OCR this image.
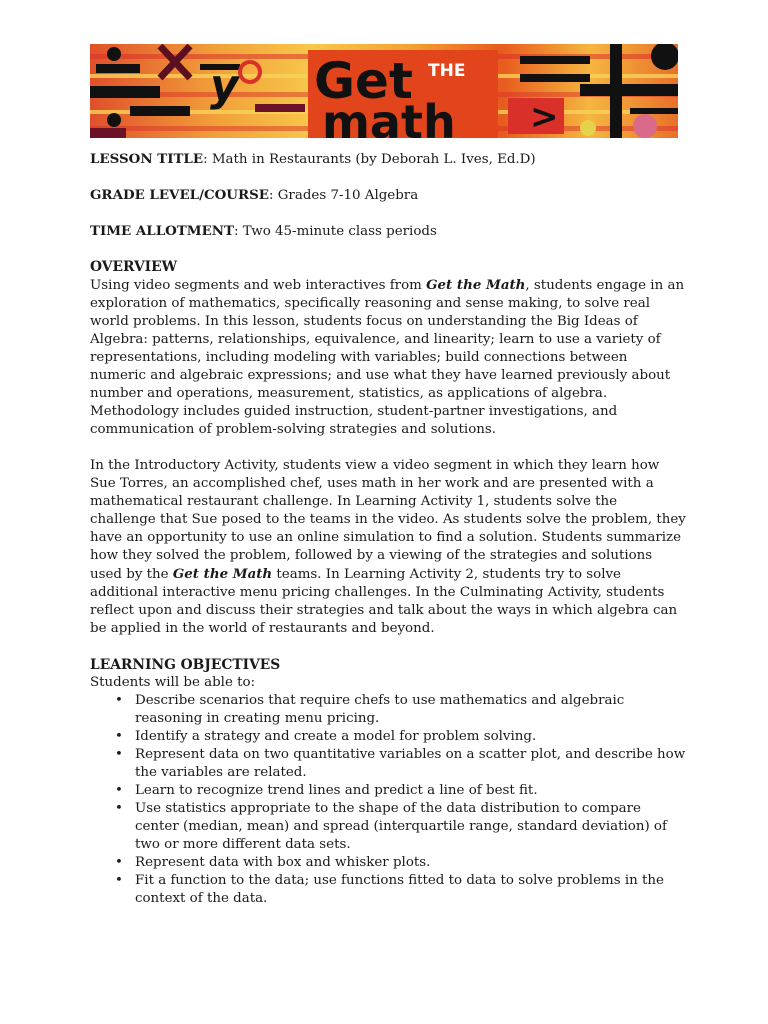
y Get THE
math >
LESSON TITLE: Math in Restaurants (by Deborah L. Ives, Ed.D)
GRADE LEVEL/COURSE: Grades 7-10 Algebra
TIME ALLOTMENT: Two 45-minute class periods

OVERVIEW

Using video segments and web interactives from Get the Math, students engage in an exploration of mathematics, specifically reasoning and sense making, to solve real world problems. In this lesson, students focus on understanding the Big Ideas of Algebra: patterns, relationships, equivalence, and linearity; learn to use a variety of representations, including modeling with variables; build connections between numeric and algebraic expressions; and use what they have learned previously about number and operations, measurement, statistics, as applications of algebra. Methodology includes guided instruction, student-partner investigations, and communication of problem-solving strategies and solutions.

In the Introductory Activity, students view a video segment in which they learn how Sue Torres, an accomplished chef, uses math in her work and are presented with a mathematical restaurant challenge. In Learning Activity 1, students solve the challenge that Sue posed to the teams in the video. As students solve the problem, they have an opportunity to use an online simulation to find a solution. Students summarize how they solved the problem, followed by a viewing of the strategies and solutions used by the Get the Math teams. In Learning Activity 2, students try to solve additional interactive menu pricing challenges. In the Culminating Activity, students reflect upon and discuss their strategies and talk about the ways in which algebra can be applied in the world of restaurants and beyond.

LEARNING OBJECTIVES

Students will be able to:

• Describe scenarios that require chefs to use mathematics and algebraic reasoning in creating menu pricing.
• Identify a strategy and create a model for problem solving.
• Represent data on two quantitative variables on a scatter plot, and describe how the variables are related.
• Learn to recognize trend lines and predict a line of best fit.
• Use statistics appropriate to the shape of the data distribution to compare center (median, mean) and spread (interquartile range, standard deviation) of two or more different data sets.
• Represent data with box and whisker plots.
• Fit a function to the data; use functions fitted to data to solve problems in the context of the data.
